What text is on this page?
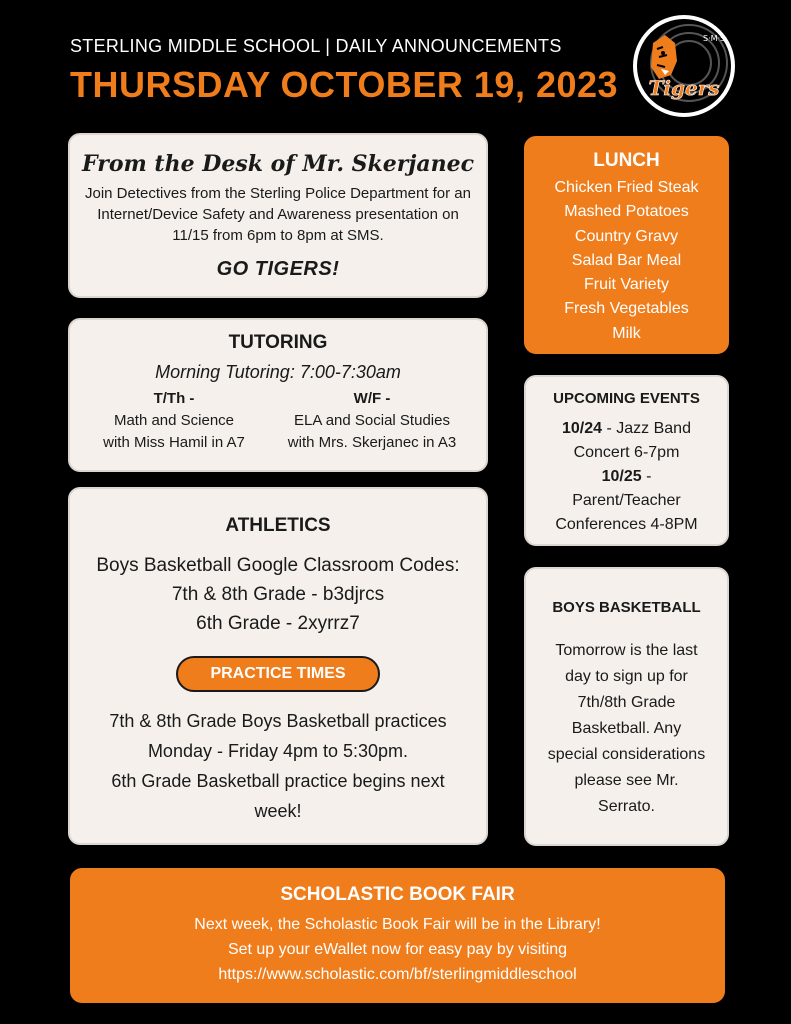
STERLING MIDDLE SCHOOL | DAILY ANNOUNCEMENTS
THURSDAY OCTOBER 19, 2023 Tigers
S·M·S
From the Desk of Mr. Skerjanec
Join Detectives from the Sterling Police Department for an Internet/Device Safety and Awareness presentation on 11/15 from 6pm to 8pm at SMS.
GO TIGERS!
TUTORING
Morning Tutoring: 7:00-7:30am
T/Th -
Math and Science
with Miss Hamil in A7
W/F -
ELA and Social Studies
with Mrs. Skerjanec in A3
ATHLETICS
Boys Basketball Google Classroom Codes:
7th & 8th Grade - b3djrcs
6th Grade - 2xyrrz7
PRACTICE TIMES
7th & 8th Grade Boys Basketball practices
Monday - Friday 4pm to 5:30pm.
6th Grade Basketball practice begins next
week!
LUNCH
Chicken Fried Steak
Mashed Potatoes
Country Gravy
Salad Bar Meal
Fruit Variety
Fresh Vegetables
Milk
UPCOMING EVENTS
10/24 - Jazz Band
Concert 6-7pm
10/25 -
Parent/Teacher
Conferences 4-8PM
BOYS BASKETBALL
Tomorrow is the last
day to sign up for
7th/8th Grade
Basketball. Any
special considerations
please see Mr.
Serrato.
SCHOLASTIC BOOK FAIR
Next week, the Scholastic Book Fair will be in the Library!
Set up your eWallet now for easy pay by visiting
https://www.scholastic.com/bf/sterlingmiddleschool
